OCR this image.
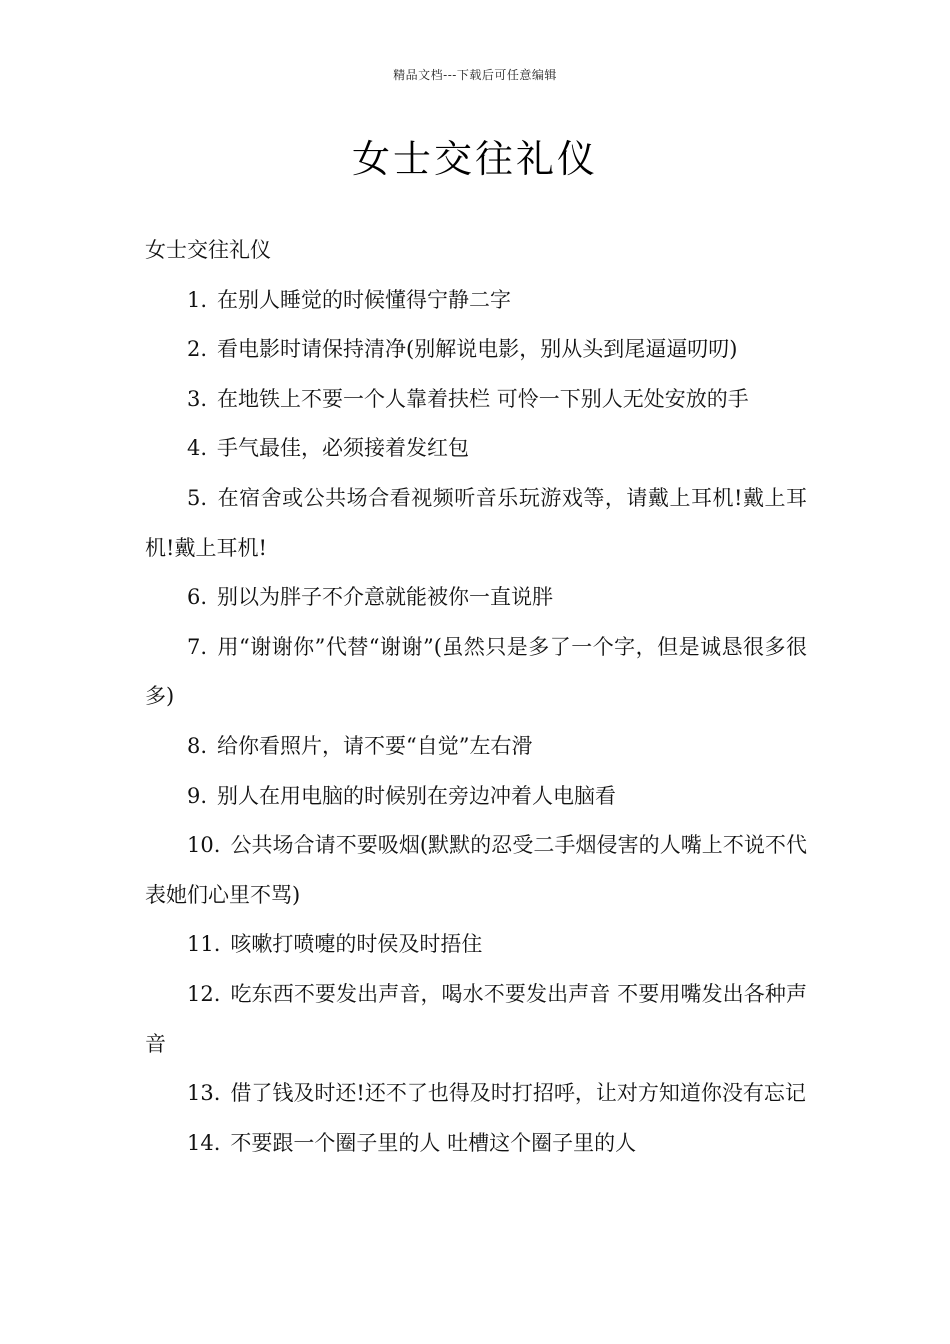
精品文档---下载后可任意编辑
女士交往礼仪

女士交往礼仪

1. 在别人睡觉的时候懂得宁静二字

2. 看电影时请保持清净(别解说电影，别从头到尾逼逼叨叨)

3. 在地铁上不要一个人靠着扶栏 可怜一下别人无处安放的手

4. 手气最佳，必须接着发红包

5. 在宿舍或公共场合看视频听音乐玩游戏等，请戴上耳机!戴上耳机!戴上耳机!

6. 别以为胖子不介意就能被你一直说胖

7. 用“谢谢你”代替“谢谢”(虽然只是多了一个字，但是诚恳很多很多)

8. 给你看照片，请不要“自觉”左右滑

9. 别人在用电脑的时候别在旁边冲着人电脑看

10. 公共场合请不要吸烟(默默的忍受二手烟侵害的人嘴上不说不代表她们心里不骂)

11. 咳嗽打喷嚏的时侯及时捂住

12. 吃东西不要发出声音，喝水不要发出声音 不要用嘴发出各种声音

13. 借了钱及时还!还不了也得及时打招呼，让对方知道你没有忘记

14. 不要跟一个圈子里的人 吐槽这个圈子里的人
